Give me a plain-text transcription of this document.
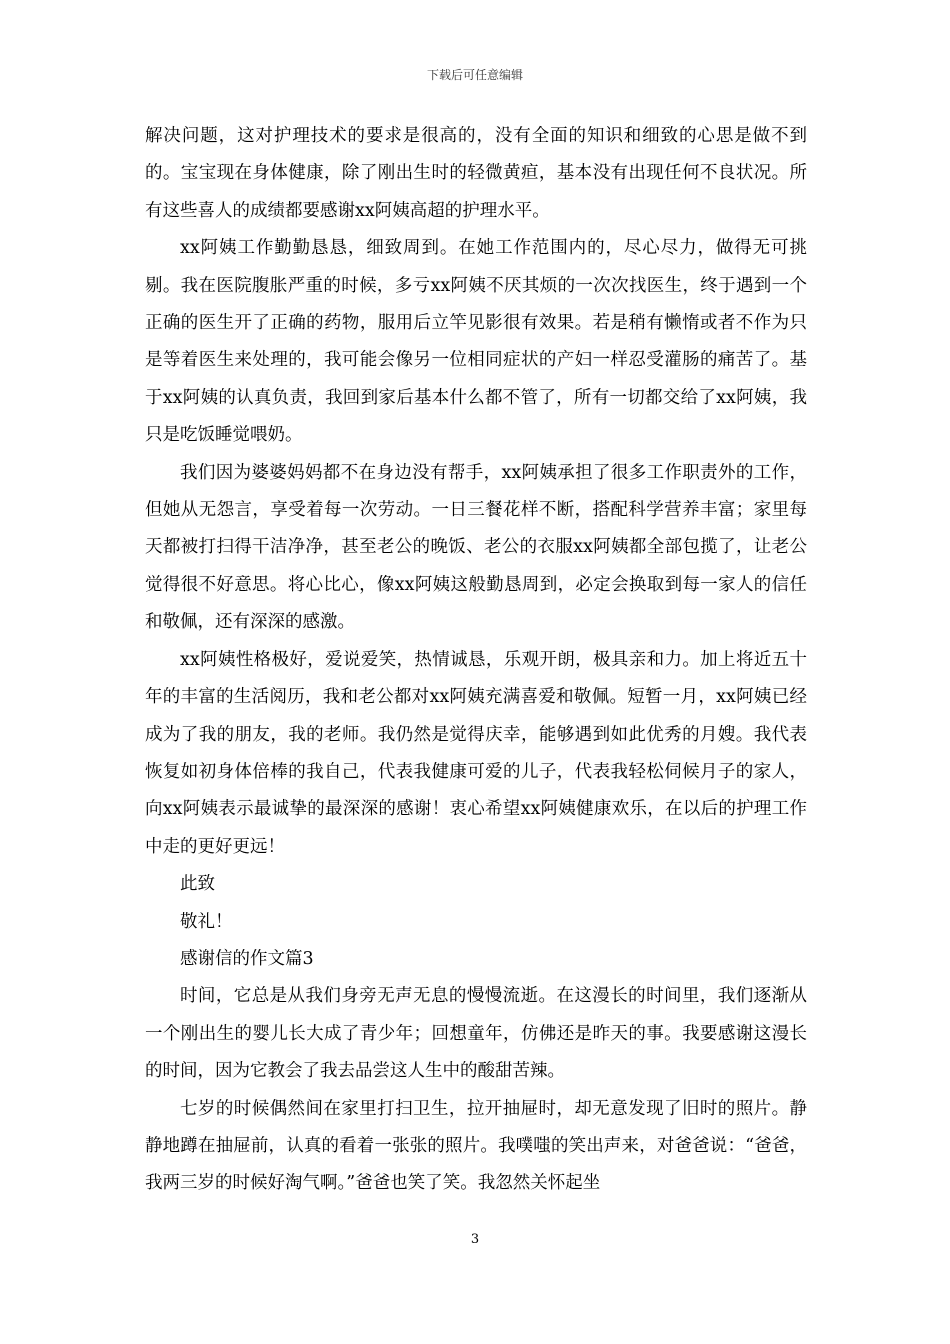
下载后可任意编辑

解决问题，这对护理技术的要求是很高的，没有全面的知识和细致的心思是做不到的。宝宝现在身体健康，除了刚出生时的轻微黄疸，基本没有出现任何不良状况。所有这些喜人的成绩都要感谢xx阿姨高超的护理水平。

xx阿姨工作勤勤恳恳，细致周到。在她工作范围内的，尽心尽力，做得无可挑剔。我在医院腹胀严重的时候，多亏xx阿姨不厌其烦的一次次找医生，终于遇到一个正确的医生开了正确的药物，服用后立竿见影很有效果。若是稍有懒惰或者不作为只是等着医生来处理的，我可能会像另一位相同症状的产妇一样忍受灌肠的痛苦了。基于xx阿姨的认真负责，我回到家后基本什么都不管了，所有一切都交给了xx阿姨，我只是吃饭睡觉喂奶。

我们因为婆婆妈妈都不在身边没有帮手，xx阿姨承担了很多工作职责外的工作，但她从无怨言，享受着每一次劳动。一日三餐花样不断，搭配科学营养丰富；家里每天都被打扫得干洁净净，甚至老公的晚饭、老公的衣服xx阿姨都全部包揽了，让老公觉得很不好意思。将心比心，像xx阿姨这般勤恳周到，必定会换取到每一家人的信任和敬佩，还有深深的感激。

xx阿姨性格极好，爱说爱笑，热情诚恳，乐观开朗，极具亲和力。加上将近五十年的丰富的生活阅历，我和老公都对xx阿姨充满喜爱和敬佩。短暂一月，xx阿姨已经成为了我的朋友，我的老师。我仍然是觉得庆幸，能够遇到如此优秀的月嫂。我代表恢复如初身体倍棒的我自己，代表我健康可爱的儿子，代表我轻松伺候月子的家人，向xx阿姨表示最诚挚的最深深的感谢！衷心希望xx阿姨健康欢乐，在以后的护理工作中走的更好更远！

此致

敬礼！

感谢信的作文篇3

时间，它总是从我们身旁无声无息的慢慢流逝。在这漫长的时间里，我们逐渐从一个刚出生的婴儿长大成了青少年；回想童年，仿佛还是昨天的事。我要感谢这漫长的时间，因为它教会了我去品尝这人生中的酸甜苦辣。

七岁的时候偶然间在家里打扫卫生，拉开抽屉时，却无意发现了旧时的照片。静静地蹲在抽屉前，认真的看着一张张的照片。我噗嗤的笑出声来，对爸爸说：“爸爸，我两三岁的时候好淘气啊。”爸爸也笑了笑。我忽然关怀起坐

3
